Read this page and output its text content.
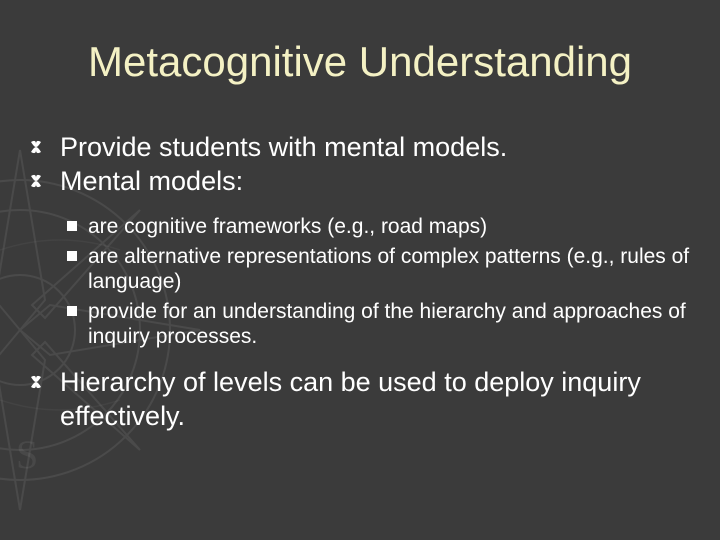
S
Metacognitive Understanding
Provide students with mental models.
Mental models:
are cognitive frameworks (e.g., road maps)
are alternative representations of complex patterns (e.g., rules of language)
provide for an understanding of the hierarchy and approaches of inquiry processes.
Hierarchy of levels can be used to deploy inquiry effectively.
